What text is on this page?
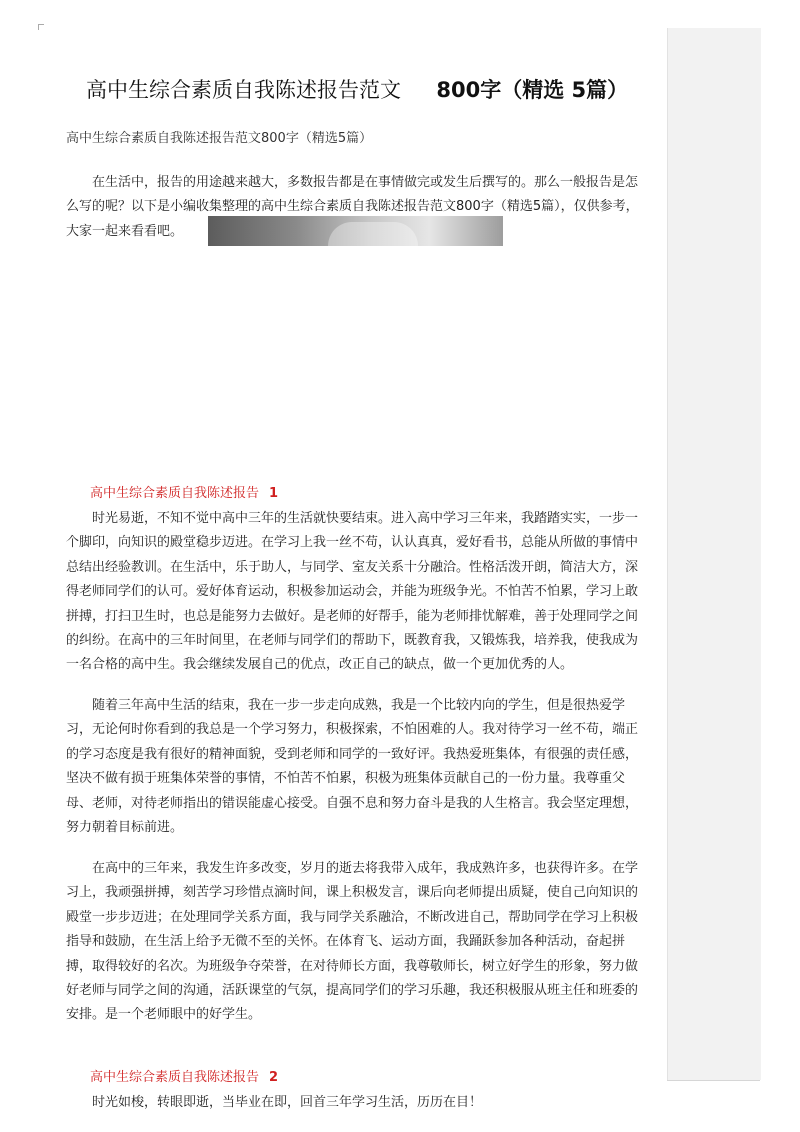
高中生综合素质自我陈述报告范文 800字（精选 5篇）
高中生综合素质自我陈述报告范文800字（精选5篇）

在生活中，报告的用途越来越大，多数报告都是在事情做完或发生后撰写的。那么一般报告是怎么写的呢？以下是小编收集整理的高中生综合素质自我陈述报告范文800字（精选5篇），仅供参考，大家一起来看看吧。

高中生综合素质自我陈述报告 1

时光易逝，不知不觉中高中三年的生活就快要结束。进入高中学习三年来，我踏踏实实，一步一个脚印，向知识的殿堂稳步迈进。在学习上我一丝不苟，认认真真，爱好看书，总能从所做的事情中总结出经验教训。在生活中，乐于助人，与同学、室友关系十分融洽。性格活泼开朗，简洁大方，深得老师同学们的认可。爱好体育运动，积极参加运动会，并能为班级争光。不怕苦不怕累，学习上敢拼搏，打扫卫生时，也总是能努力去做好。是老师的好帮手，能为老师排忧解难，善于处理同学之间的纠纷。在高中的三年时间里，在老师与同学们的帮助下，既教育我，又锻炼我，培养我，使我成为一名合格的高中生。我会继续发展自己的优点，改正自己的缺点，做一个更加优秀的人。

随着三年高中生活的结束，我在一步一步走向成熟，我是一个比较内向的学生，但是很热爱学习，无论何时你看到的我总是一个学习努力，积极探索，不怕困难的人。我对待学习一丝不苟，端正的学习态度是我有很好的精神面貌，受到老师和同学的一致好评。我热爱班集体，有很强的责任感，坚决不做有损于班集体荣誉的事情，不怕苦不怕累，积极为班集体贡献自己的一份力量。我尊重父母、老师，对待老师指出的错误能虚心接受。自强不息和努力奋斗是我的人生格言。我会坚定理想，努力朝着目标前进。

在高中的三年来，我发生许多改变，岁月的逝去将我带入成年，我成熟许多，也获得许多。在学习上，我顽强拼搏，刻苦学习珍惜点滴时间，课上积极发言，课后向老师提出质疑，使自己向知识的殿堂一步步迈进；在处理同学关系方面，我与同学关系融洽，不断改进自己，帮助同学在学习上积极指导和鼓励，在生活上给予无微不至的关怀。在体育飞、运动方面，我踊跃参加各种活动，奋起拼搏，取得较好的名次。为班级争夺荣誉，在对待师长方面，我尊敬师长，树立好学生的形象，努力做好老师与同学之间的沟通，活跃课堂的气氛，提高同学们的学习乐趣，我还积极服从班主任和班委的安排。是一个老师眼中的好学生。

高中生综合素质自我陈述报告 2

时光如梭，转眼即逝，当毕业在即，回首三年学习生活，历历在目！
